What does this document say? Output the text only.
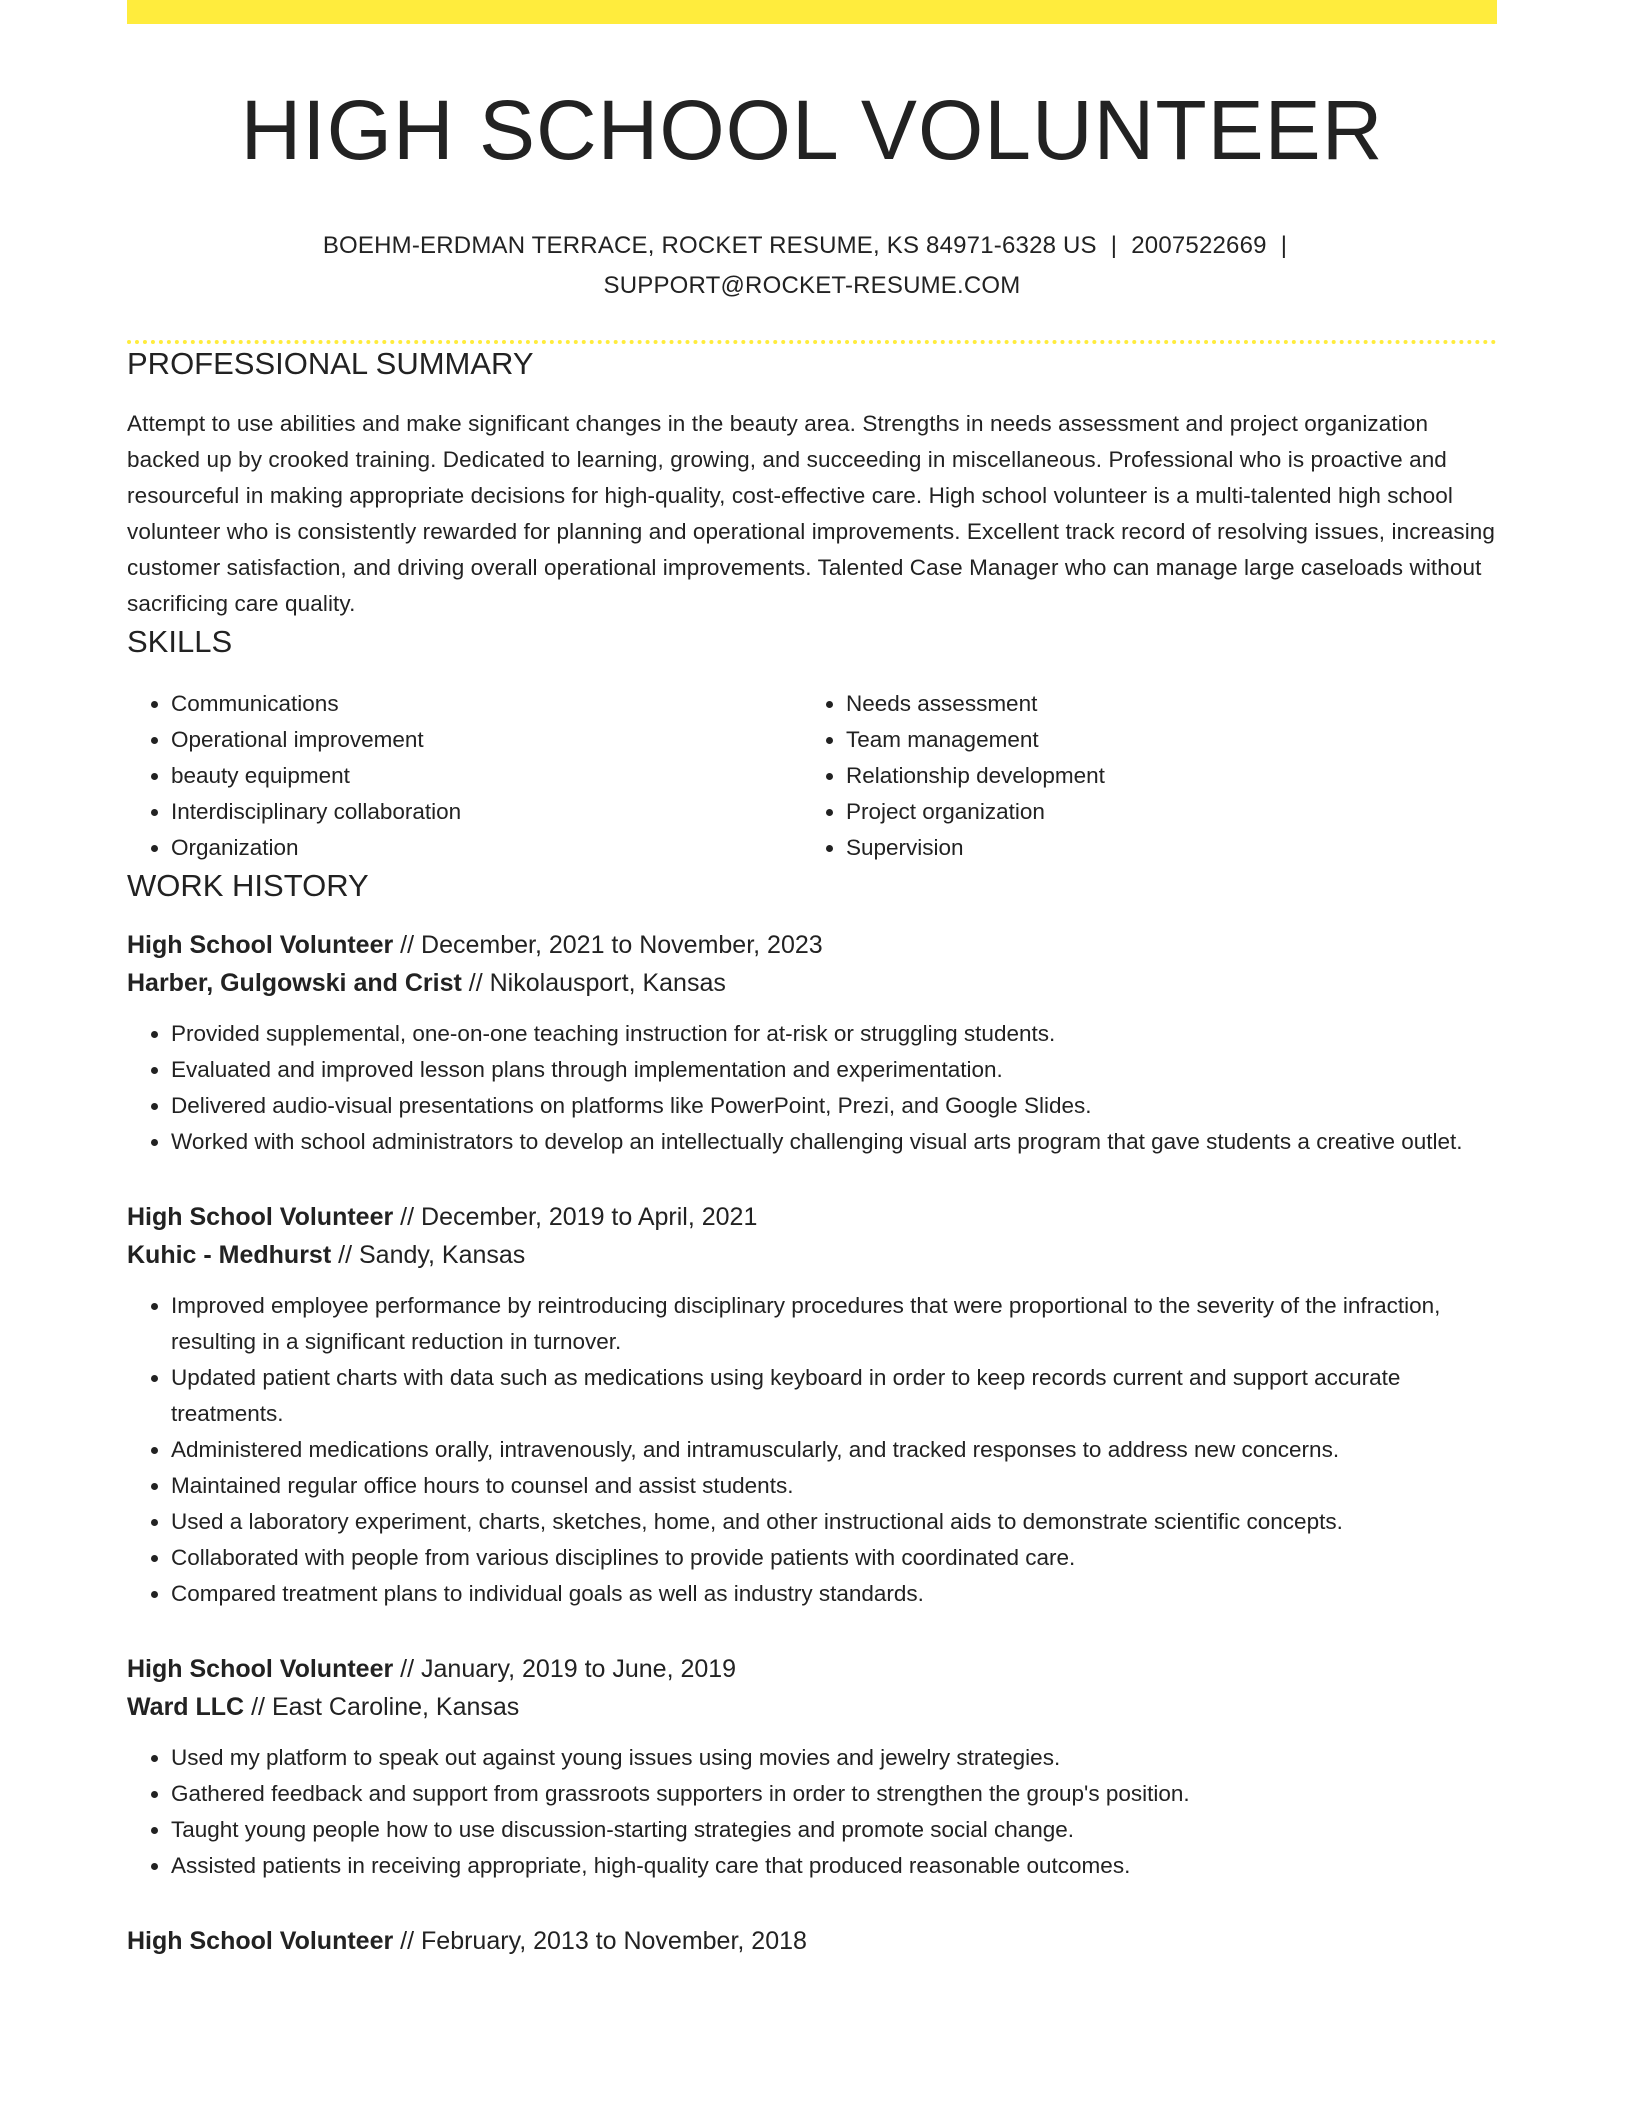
HIGH SCHOOL VOLUNTEER
BOEHM-ERDMAN TERRACE, ROCKET RESUME, KS 84971-6328 US | 2007522669 |
SUPPORT@ROCKET-RESUME.COM
PROFESSIONAL SUMMARY
Attempt to use abilities and make significant changes in the beauty area. Strengths in needs assessment and project organization backed up by crooked training. Dedicated to learning, growing, and succeeding in miscellaneous. Professional who is proactive and resourceful in making appropriate decisions for high-quality, cost-effective care. High school volunteer is a multi-talented high school volunteer who is consistently rewarded for planning and operational improvements. Excellent track record of resolving issues, increasing customer satisfaction, and driving overall operational improvements. Talented Case Manager who can manage large caseloads without sacrificing care quality.
SKILLS
• Communications
• Operational improvement
• beauty equipment
• Interdisciplinary collaboration
• Organization
• Needs assessment
• Team management
• Relationship development
• Project organization
• Supervision
WORK HISTORY
High School Volunteer // December, 2021 to November, 2023
Harber, Gulgowski and Crist // Nikolausport, Kansas
• Provided supplemental, one-on-one teaching instruction for at-risk or struggling students.
• Evaluated and improved lesson plans through implementation and experimentation.
• Delivered audio-visual presentations on platforms like PowerPoint, Prezi, and Google Slides.
• Worked with school administrators to develop an intellectually challenging visual arts program that gave students a creative outlet.
High School Volunteer // December, 2019 to April, 2021
Kuhic - Medhurst // Sandy, Kansas
• Improved employee performance by reintroducing disciplinary procedures that were proportional to the severity of the infraction, resulting in a significant reduction in turnover.
• Updated patient charts with data such as medications using keyboard in order to keep records current and support accurate treatments.
• Administered medications orally, intravenously, and intramuscularly, and tracked responses to address new concerns.
• Maintained regular office hours to counsel and assist students.
• Used a laboratory experiment, charts, sketches, home, and other instructional aids to demonstrate scientific concepts.
• Collaborated with people from various disciplines to provide patients with coordinated care.
• Compared treatment plans to individual goals as well as industry standards.
High School Volunteer // January, 2019 to June, 2019
Ward LLC // East Caroline, Kansas
• Used my platform to speak out against young issues using movies and jewelry strategies.
• Gathered feedback and support from grassroots supporters in order to strengthen the group's position.
• Taught young people how to use discussion-starting strategies and promote social change.
• Assisted patients in receiving appropriate, high-quality care that produced reasonable outcomes.
High School Volunteer // February, 2013 to November, 2018
